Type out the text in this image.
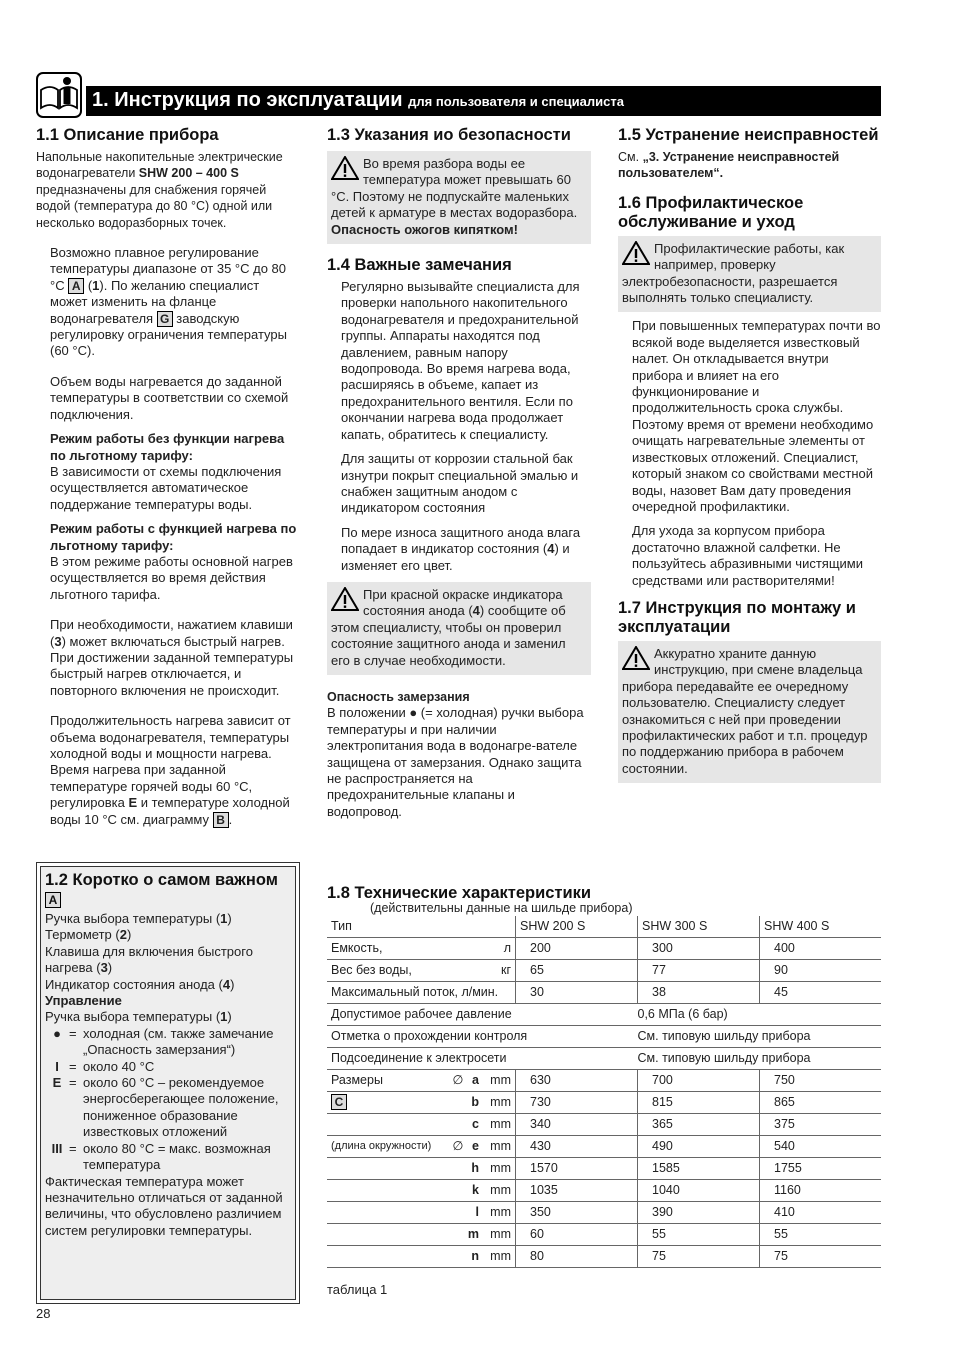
1. Инструкция по эксплуатации для пользователя и специалиста
1.1 Описание прибора

Напольные накопительные электрические водонагреватели SHW 200 – 400 S предназначены для снабжения горячей водой (температура до 80 °С) одной или несколько водоразборных точек.

Возможно плавное регулирование температуры диапазоне от 35 °С до 80 °С A (1). По желанию специалист может изменить на фланце водонагревателя G заводскую регулировку ограничения температуры (60 °С).

Объем воды нагревается до заданной температуры в соответствии со схемой подключения.

Режим работы без функции нагрева по льготному тарифу:

В зависимости от схемы подключения осуществляется автоматическое поддержание температуры воды.

Режим работы с функцией нагрева по льготному тарифу:

В этом режиме работы основной нагрев осуществляется во время действия льготного тарифа.

При необходимости, нажатием клавиши (3) может включаться быстрый нагрев. При достижении заданной температуры быстрый нагрев отключается, и повторного включения не происходит.

Продолжительность нагрева зависит от объема водонагревателя, температуры холодной воды и мощности нагрева. Время нагрева при заданной температуре горячей воды 60 °С, регулировка E и температуре холодной воды 10 °С см. диаграмму B .

1.2 Коротко о самом важном A
Ручка выбора температуры (1)
Термометр (2)
Клавиша для включения быстрого нагрева (3)
Индикатор состояния анода (4)
Управление
Ручка выбора температуры (1)
● = холодная (см. также замечание „Опасность замерзания“)
I = около 40 °С
E = около 60 °С – рекомендуемое энергосберегающее положение, пониженное образование известковых отложений
III = около 80 °С = макс. возможная температура
Фактическая температура может незначительно отличаться от заданной величины, что обусловлено различием систем регулировки температуры.
1.3 Указания ио безопасности
Во время разбора воды ее температура может превышать 60 °С. Поэтому не подпускайте маленьких детей к арматуре в местах водоразбора.
Опасность ожогов кипятком!
1.4 Важные замечания

Регулярно вызывайте специалиста для проверки напольного накопительного водонагревателя и предохранительной группы. Аппараты находятся под давлением, равным напору водопровода. Во время нагрева вода, расширяясь в объеме, капает из предохранительного вентиля. Если по окончании нагрева вода продолжает капать, обратитесь к специалисту.

Для защиты от коррозии стальной бак изнутри покрыт специальной эмалью и снабжен защитным анодом с индикатором состояния

По мере износа защитного анода влага попадает в индикатор состояния (4) и изменяет его цвет.

При красной окраске индикатора состояния анода (4) сообщите об этом специалисту, чтобы он проверил состояние защитного анода и заменил его в случае необходимости.
Опасность замерзания

В положении ● (= холодная) ручки выбора температуры и при наличии электропитания вода в водонагре-вателе защищена от замерзания. Однако защита не распространяется на предохранительные клапаны и водопровод.

1.5 Устранение неисправностей

См. „3. Устранение неисправностей пользователем“.

1.6 Профилактическое обслуживание и уход
Профилактические работы, как например, проверку электробезопасности, разрешается выполнять только специалисту.

При повышенных температурах почти во всякой воде выделяется известковый налет. Он откладывается внутри прибора и влияет на его функционирование и продолжительность срока службы. Поэтому время от времени необходимо очищать нагревательные элементы от известковых отложений. Специалист, который знаком со свойствами местной воды, назовет Вам дату проведения очередной профилактики.

Для ухода за корпусом прибора достаточно влажной салфетки. Не пользуйтесь абразивными чистящими средствами или растворителями!

1.7 Инструкция по монтажу и эксплуатации
Аккуратно храните данную инструкцию, при смене владельца прибора передавайте ее очередному пользователю. Специалисту следует ознакомиться с ней при проведении профилактических работ и т.п. процедур по поддержанию прибора в рабочем состоянии.
1.8 Технические характеристики
(действительны данные на шильде прибора)
Тип	SHW 200 S	SHW 300 S	SHW 400 S

Емкость, л	200	300	400

Вес без воды, кг	65	77	90

Максимальный поток, л/мин.	30	38	45
Допустимое рабочее давление		0,6 МПа (6 бар)	
Отметка о прохождении контроля		См. типовую шильду прибора	
Подсоединение к электросети		См. типовую шильду прибора	

Размеры ∅ a mm	630	700	750

C b mm	730	815	865

c mm	340	365	375

(длина окружности) ∅ e mm	430	490	540

h mm	1570	1585	1755

k mm	1035	1040	1160

l mm	350	390	410

m mm	60	55	55

n mm	80	75	75
таблица 1
28
